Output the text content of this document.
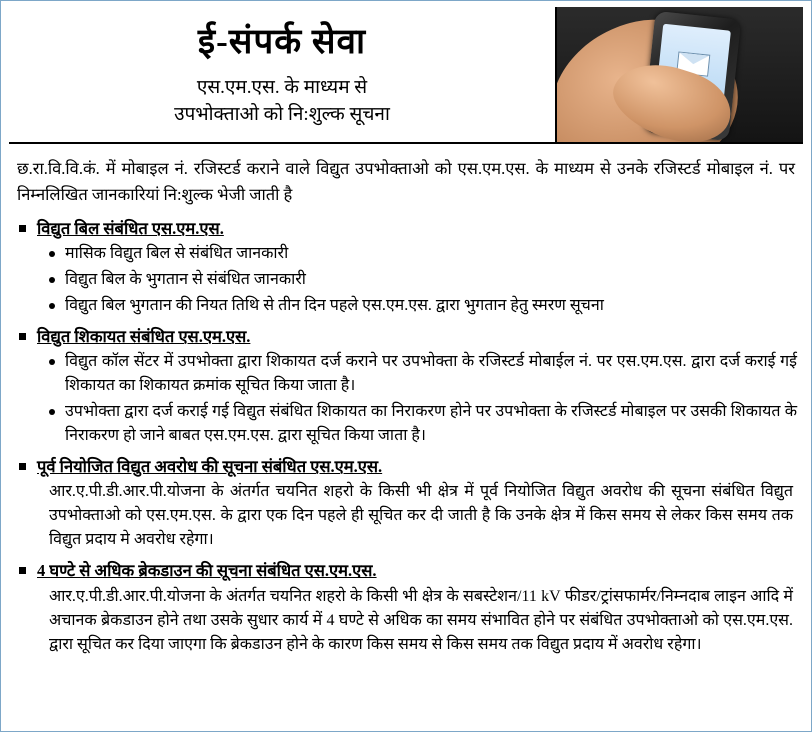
ई-संपर्क सेवा
एस.एम.एस. के माध्यम से
उपभोक्ताओ को नि:शुल्क सूचना

छ.रा.वि.वि.कं. में मोबाइल नं. रजिस्टर्ड कराने वाले विद्युत उपभोक्ताओ को एस.एम.एस. के माध्यम से उनके रजिस्टर्ड मोबाइल नं. पर निम्नलिखित जानकारियां नि:शुल्क भेजी जाती है

विद्युत बिल संबंधित एस.एम.एस.
मासिक विद्युत बिल से संबंधित जानकारी
विद्युत बिल के भुगतान से संबंधित जानकारी
विद्युत बिल भुगतान की नियत तिथि से तीन दिन पहले एस.एम.एस. द्वारा भुगतान हेतु स्मरण सूचना
विद्युत शिकायत संबंधित एस.एम.एस.
विद्युत कॉल सेंटर में उपभोक्ता द्वारा शिकायत दर्ज कराने पर उपभोक्ता के रजिस्टर्ड मोबाईल नं. पर एस.एम.एस. द्वारा दर्ज कराई गई शिकायत का शिकायत क्रमांक सूचित किया जाता है।
उपभोक्ता द्वारा दर्ज कराई गई विद्युत संबंधित शिकायत का निराकरण होने पर उपभोक्ता के रजिस्टर्ड मोबाइल पर उसकी शिकायत के निराकरण हो जाने बाबत एस.एम.एस. द्वारा सूचित किया जाता है।
पूर्व नियोजित विद्युत अवरोध की सूचना संबंधित एस.एम.एस.

आर.ए.पी.डी.आर.पी.योजना के अंतर्गत चयनित शहरो के किसी भी क्षेत्र में पूर्व नियोजित विद्युत अवरोध की सूचना संबंधित विद्युत उपभोक्ताओ को एस.एम.एस. के द्वारा एक दिन पहले ही सूचित कर दी जाती है कि उनके क्षेत्र में किस समय से लेकर किस समय तक विद्युत प्रदाय मे अवरोध रहेगा।

4 घण्टे से अधिक ब्रेकडाउन की सूचना संबंधित एस.एम.एस.

आर.ए.पी.डी.आर.पी.योजना के अंतर्गत चयनित शहरो के किसी भी क्षेत्र के सबस्टेशन/11 kV फीडर/ट्रांसफार्मर/निम्नदाब लाइन आदि में अचानक ब्रेकडाउन होने तथा उसके सुधार कार्य में 4 घण्टे से अधिक का समय संभावित होने पर संबंधित उपभोक्ताओ को एस.एम.एस. द्वारा सूचित कर दिया जाएगा कि ब्रेकडाउन होने के कारण किस समय से किस समय तक विद्युत प्रदाय में अवरोध रहेगा।
